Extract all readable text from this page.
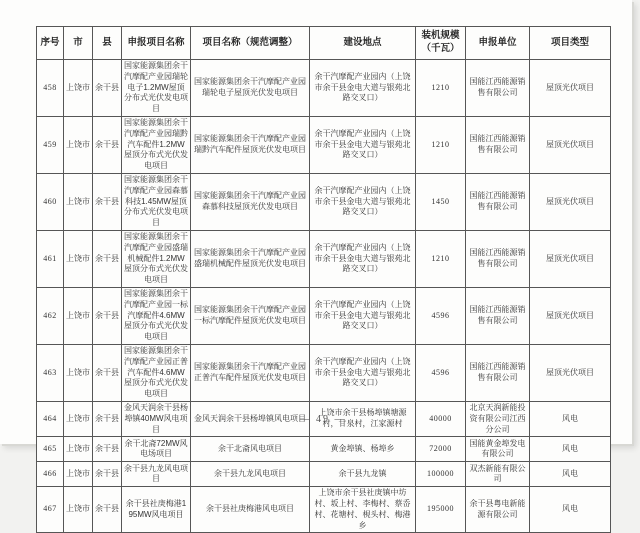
序号	市	县	申报项目名称	项目名称（规范调整）	建设地点	装机规模（千瓦）	申报单位	项目类型
458	上饶市	余干县	国家能源集团余干汽摩配产业园瑞轮电子1.2MW屋顶分布式光伏发电项目	国家能源集团余干汽摩配产业园瑞轮电子屋顶光伏发电项目	余干汽摩配产业园内（上饶市余干县金电大道与银苑北路交叉口）	1210	国能江西能源销售有限公司	屋顶光伏项目
459	上饶市	余干县	国家能源集团余干汽摩配产业园瑞黔汽车配件1.2MW屋顶分布式光伏发电项目	国家能源集团余干汽摩配产业园瑞黔汽车配件屋顶光伏发电项目	余干汽摩配产业园内（上饶市余干县金电大道与银苑北路交叉口）	1210	国能江西能源销售有限公司	屋顶光伏项目
460	上饶市	余干县	国家能源集团余干汽摩配产业园森慕科技1.45MW屋顶分布式光伏发电项目	国家能源集团余干汽摩配产业园森慕科技屋顶光伏发电项目	余干汽摩配产业园内（上饶市余干县金电大道与银苑北路交叉口）	1450	国能江西能源销售有限公司	屋顶光伏项目
461	上饶市	余干县	国家能源集团余干汽摩配产业园盛瑞机械配件1.2MW屋顶分布式光伏发电项目	国家能源集团余干汽摩配产业园盛瑞机械配件屋顶光伏发电项目	余干汽摩配产业园内（上饶市余干县金电大道与银苑北路交叉口）	1210	国能江西能源销售有限公司	屋顶光伏项目
462	上饶市	余干县	国家能源集团余干汽摩配产业园一标汽摩配件4.6MW屋顶分布式光伏发电项目	国家能源集团余干汽摩配产业园一标汽摩配件屋顶光伏发电项目	余干汽摩配产业园内（上饶市余干县金电大道与银苑北路交叉口）	4596	国能江西能源销售有限公司	屋顶光伏项目
463	上饶市	余干县	国家能源集团余干汽摩配产业园正普汽车配件4.6MW屋顶分布式光伏发电项目	国家能源集团余干汽摩配产业园正普汽车配件屋顶光伏发电项目	余干汽摩配产业园内（上饶市余干县金电大道与银苑北路交叉口）	4596	国能江西能源销售有限公司	屋顶光伏项目
464	上饶市	余干县	金风天润余干县杨埠镇40MW风电项目	金风天润余干县杨埠镇风电项目	上饶市余干县杨埠镇塘源村，甘泉村，江家源村	40000	北京天润新能投资有限公司江西分公司	风电
465	上饶市	余干县	余干北斋72MW风电场项目	余干北斋风电项目	黄金埠镇、杨埠乡	72000	国能黄金埠发电有限公司	风电
466	上饶市	余干县	余干县九龙风电项目	余干县九龙风电项目	余干县九龙镇	100000	双杰新能有限公司	风电
467	上饶市	余干县	余干县社庚梅港195MW风电项目	余干县社庚梅港风电项目	上饶市余干县社庚镇中坊村、坂上村、李梅村、蔡岙村、花塘村、梘头村、梅港乡	195000	余干县粤电新能源有限公司	风电
— 49 —
